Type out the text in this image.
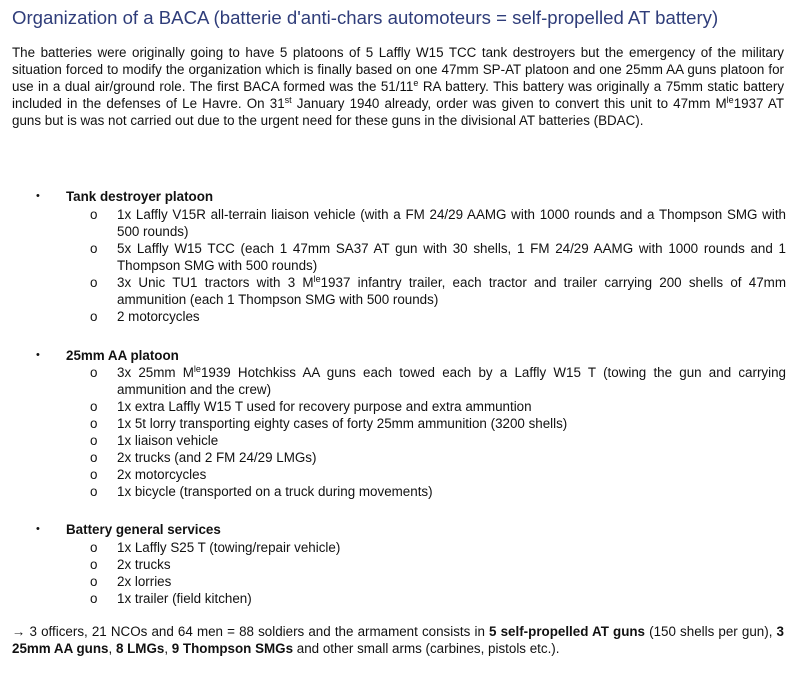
Organization of a BACA (batterie d'anti-chars automoteurs = self-propelled AT battery)

The batteries were originally going to have 5 platoons of 5 Laffly W15 TCC tank destroyers but the emergency of the military situation forced to modify the organization which is finally based on one 47mm SP-AT platoon and one 25mm AA guns platoon for use in a dual air/ground role. The first BACA formed was the 51/11e RA battery. This battery was originally a 75mm static battery included in the defenses of Le Havre. On 31st January 1940 already, order was given to convert this unit to 47mm $M^{le}1937$ AT guns but is was not carried out due to the urgent need for these guns in the divisional AT batteries (BDAC).

• Tank destroyer platoon
o 1x Laffly V15R all-terrain liaison vehicle (with a FM 24/29 AAMG with 1000 rounds and a Thompson SMG with 500 rounds)
o 5x Laffly W15 TCC (each 1 47mm SA37 AT gun with 30 shells, 1 FM 24/29 AAMG with 1000 rounds and 1 Thompson SMG with 500 rounds)
o 3x Unic TU1 tractors with 3 $M^{le}1937$ infantry trailer, each tractor and trailer carrying 200 shells of 47mm ammunition (each 1 Thompson SMG with 500 rounds)
o 2 motorcycles
• 25mm AA platoon
o 3x 25mm $M^{le}1939$ Hotchkiss AA guns each towed each by a Laffly W15 T (towing the gun and carrying ammunition and the crew)
o 1x extra Laffly W15 T used for recovery purpose and extra ammuntion
o 1x 5t lorry transporting eighty cases of forty 25mm ammunition (3200 shells)
o 1x liaison vehicle
o 2x trucks (and 2 FM 24/29 LMGs)
o 2x motorcycles
o 1x bicycle (transported on a truck during movements)
• Battery general services
o 1x Laffly S25 T (towing/repair vehicle)
o 2x trucks
o 2x lorries
o 1x trailer (field kitchen)

→ 3 officers, 21 NCOs and 64 men = 88 soldiers and the armament consists in 5 self-propelled AT guns (150 shells per gun), 3 25mm AA guns, 8 LMGs, 9 Thompson SMGs and other small arms (carbines, pistols etc.).
